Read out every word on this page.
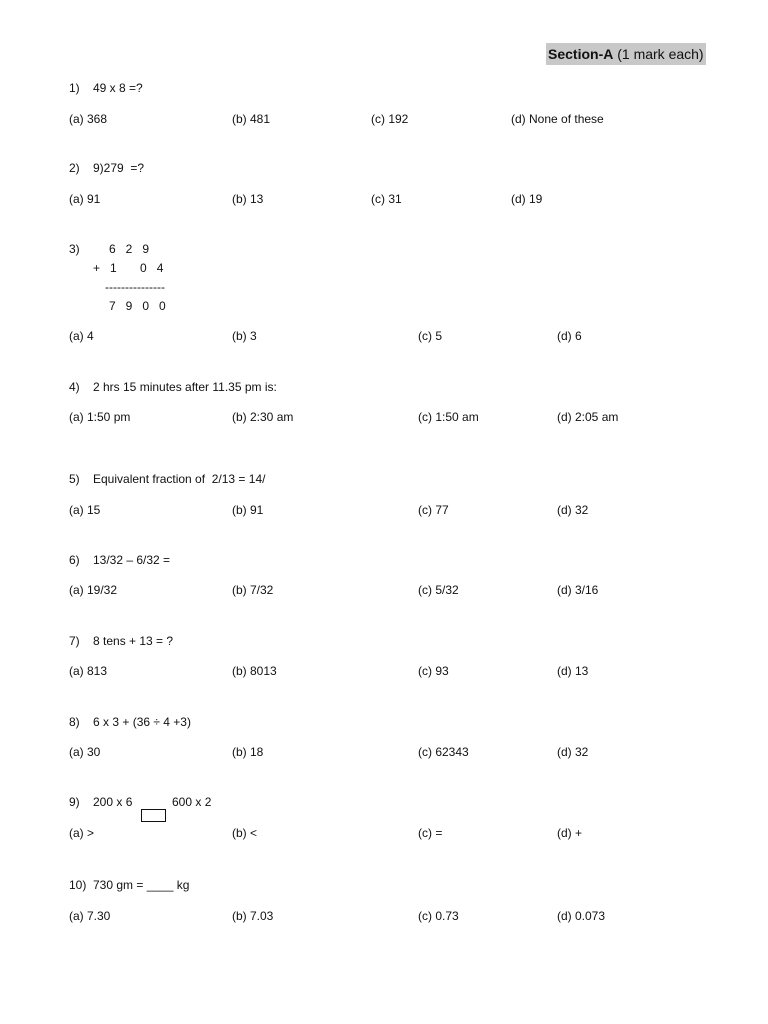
Section-A (1 mark each)
1) 49 x 8 =?
(a) 368	(b) 481	(c) 192	(d) None of these
2) 9)279  =?
(a) 91	(b) 13	(c) 31	(d) 19
3)	6   2   9
+   1       0   4
---------------
7   9   0   0
(a) 4	(b) 3	(c) 5	(d) 6
4) 2 hrs 15 minutes after 11.35 pm is:
(a) 1:50 pm	(b) 2:30 am	(c) 1:50 am	(d) 2:05 am
5) Equivalent fraction of  2/13 = 14/
(a) 15	(b) 91	(c) 77	(d) 32
6) 13/32 – 6/32 =
(a) 19/32	(b) 7/32	(c) 5/32	(d) 3/16
7) 8 tens + 13 = ?
(a) 813	(b) 8013	(c) 93	(d) 13
8) 6 x 3 + (36 ÷ 4 +3)
(a) 30	(b) 18	(c) 62343	(d) 32
9) 200 x 6	600 x 2
(a) >	(b) <	(c) =	(d) +
10) 730 gm = ____ kg
(a) 7.30	(b) 7.03	(c) 0.73	(d) 0.073
